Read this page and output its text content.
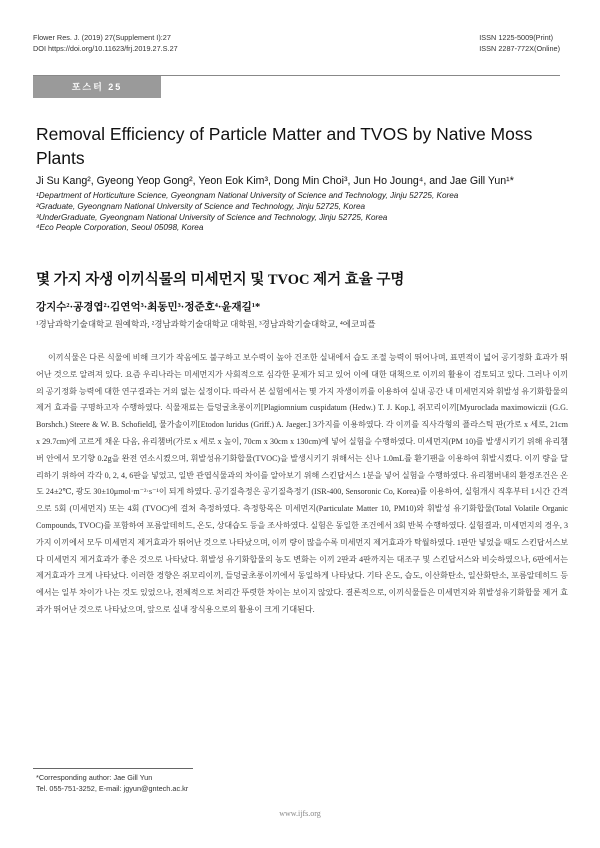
Flower Res. J. (2019) 27(Supplement I):27
DOI https://doi.org/10.11623/frj.2019.27.S.27
ISSN 1225-5009(Print)
ISSN 2287-772X(Online)
포스터 25
Removal Efficiency of Particle Matter and TVOS by Native Moss Plants
Ji Su Kang², Gyeong Yeop Gong², Yeon Eok Kim³, Dong Min Choi³, Jun Ho Joung⁴, and Jae Gill Yun¹*

¹Department of Horticulture Science, Gyeongnam National University of Science and Technology, Jinju 52725, Korea

²Graduate, Gyeongnam National University of Science and Technology, Jinju 52725, Korea

³UnderGraduate, Gyeongnam National University of Science and Technology, Jinju 52725, Korea

⁴Eco People Corporation, Seoul 05098, Korea

몇 가지 자생 이끼식물의 미세먼지 및 TVOC 제거 효율 구명
강지수²·공경엽²·김연억³·최동민³·정준호⁴·윤재길¹*
¹경남과학기술대학교 원예학과, ²경남과학기술대학교 대학원, ³경남과학기술대학교, ⁴에코피플

이끼식물은 다른 식물에 비해 크기가 작음에도 불구하고 보수력이 높아 건조한 실내에서 습도 조절 능력이 뛰어나며, 표면적이 넓어 공기정화 효과가 뛰어난 것으로 알려져 있다. 요즘 우리나라는 미세먼지가 사회적으로 심각한 문제가 되고 있어 이에 대한 대책으로 이끼의 활용이 검토되고 있다. 그러나 이끼의 공기정화 능력에 대한 연구결과는 거의 없는 실정이다. 따라서 본 실험에서는 몇 가지 자생이끼를 이용하여 실내 공간 내 미세먼지와 휘발성 유기화합물의 제거 효과를 구명하고자 수행하였다. 식물재료는 들덩굴초롱이끼[Plagiomnium cuspidatum (Hedw.) T. J. Kop.], 쥐꼬리이끼[Myuroclada maximowiczii (G.G. Borshch.) Steere & W. B. Schofield], 물가솔이끼[Etodon luridus (Griff.) A. Jaeger.] 3가지를 이용하였다. 각 이끼를 직사각형의 플라스틱 판(가로 x 세로, 21cm x 29.7cm)에 고르게 채운 다음, 유리챔버(가로 x 세로 x 높이, 70cm x 30cm x 130cm)에 넣어 실험을 수행하였다. 미세먼지(PM 10)를 발생시키기 위해 유리챔버 안에서 모기향 0.2g을 완전 연소시켰으며, 휘발성유기화합물(TVOC)을 발생시키기 위해서는 신나 1.0mL를 환기팬을 이용하여 휘발시켰다. 이끼 량을 달리하기 위하여 각각 0, 2, 4, 6판을 넣었고, 일반 관엽식물과의 차이를 알아보기 위해 스킨답서스 1분을 넣어 실험을 수행하였다. 유리챔버내의 환경조건은 온도 24±2℃, 광도 30±10μmol·m⁻²·s⁻¹이 되게 하였다. 공기질측정은 공기질측정기 (ISR-400, Sensoronic Co, Korea)를 이용하여, 실험개시 직후부터 1시간 간격으로 5회 (미세먼지) 또는 4회 (TVOC)에 걸쳐 측정하였다. 측정항목은 미세먼지(Particulate Matter 10, PM10)와 휘발성 유기화합물(Total Volatile Organic Compounds, TVOC)를 포함하여 포름알데히드, 온도, 상대습도 등을 조사하였다. 실험은 동일한 조건에서 3회 반복 수행하였다. 실험결과, 미세먼지의 경우, 3가지 이끼에서 모두 미세먼지 제거효과가 뛰어난 것으로 나타났으며, 이끼 량이 많을수록 미세먼지 제거효과가 탁월하였다. 1판만 넣었을 때도 스킨답서스보다 미세먼지 제거효과가 좋은 것으로 나타났다. 휘발성 유기화합물의 농도 변화는 이끼 2판과 4판까지는 대조구 및 스킨답서스와 비슷하였으나, 6판에서는 제거효과가 크게 나타났다. 이러한 경향은 쥐꼬리이끼, 들덩굴초롱이끼에서 동일하게 나타났다. 기타 온도, 습도, 이산화탄소, 일산화탄소, 포름알데히드 등에서는 일부 차이가 나는 것도 있었으나, 전체적으로 처리간 뚜렷한 차이는 보이지 않았다. 결론적으로, 이끼식물들은 미세먼지와 휘발성유기화합물 제거 효과가 뛰어난 것으로 나타났으며, 앞으로 실내 장식용으로의 활용이 크게 기대된다.

*Corresponding author: Jae Gill Yun
Tel. 055-751-3252, E-mail: jgyun@gntech.ac.kr
www.ijfs.org
